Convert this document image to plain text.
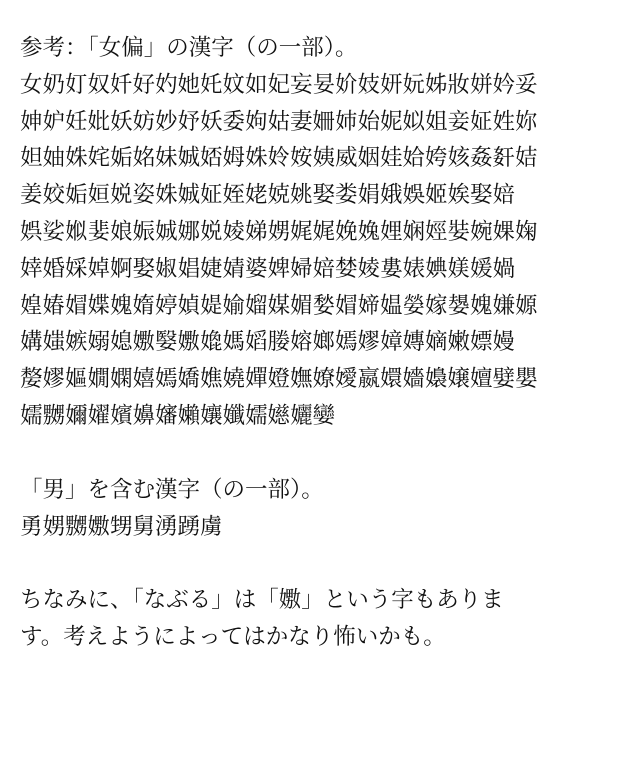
参考：「女偏」の漢字（の一部）。
女奶奵奴奷好妁她奼妏如妃妄妟妎妓妍妧姊妝姘妗妥
妽妒妊妣妖妨妙妤妖委姁姑妻姍姉始妮姒姐妾姃姓妳
妲妯姝姹姤姳妹娍娝姆姝姈姲姨威姻娃姶姱姟姦姧姞
姜姣姤姮娧姿姝娍姃姪姥娔姚娶娄娟娥娛姬娭娶婄
娯娑娰婓娘娠娍娜娧婈娣娚娓娓娩婏娌娴娙娤婉婐婅
婞婚婇婥婀娶婌娼婕婧婆婢婦婄婪婈婁婊婰媄媛媧
媓媋媢媟媿媠婷媜媞媮媹媒媚媝媢媂媪嫈嫁嫢媿嫌嫄
媾媸嫉嫋媳嫐嫛嫐嫓媽嫍媵嫆嫏嫣嫪嫜嫥嫡嫩嫖嫚
嫠嫪嫗嫺嫻嬉嫣嬌嫶嬈嬋嬁嫵嫽嬡嬴嬛嬙嬝嬢嬗嬖嬰
嬬嬲嬭嬥嬪嬶嬸嬾孃孅嬬嬨孋孌
「男」を含む漢字（の一部）。
勇娚嬲嫐甥舅湧踴虜
ちなみに、「なぶる」は「嫐」という字もありま
す。考えようによってはかなり怖いかも。
